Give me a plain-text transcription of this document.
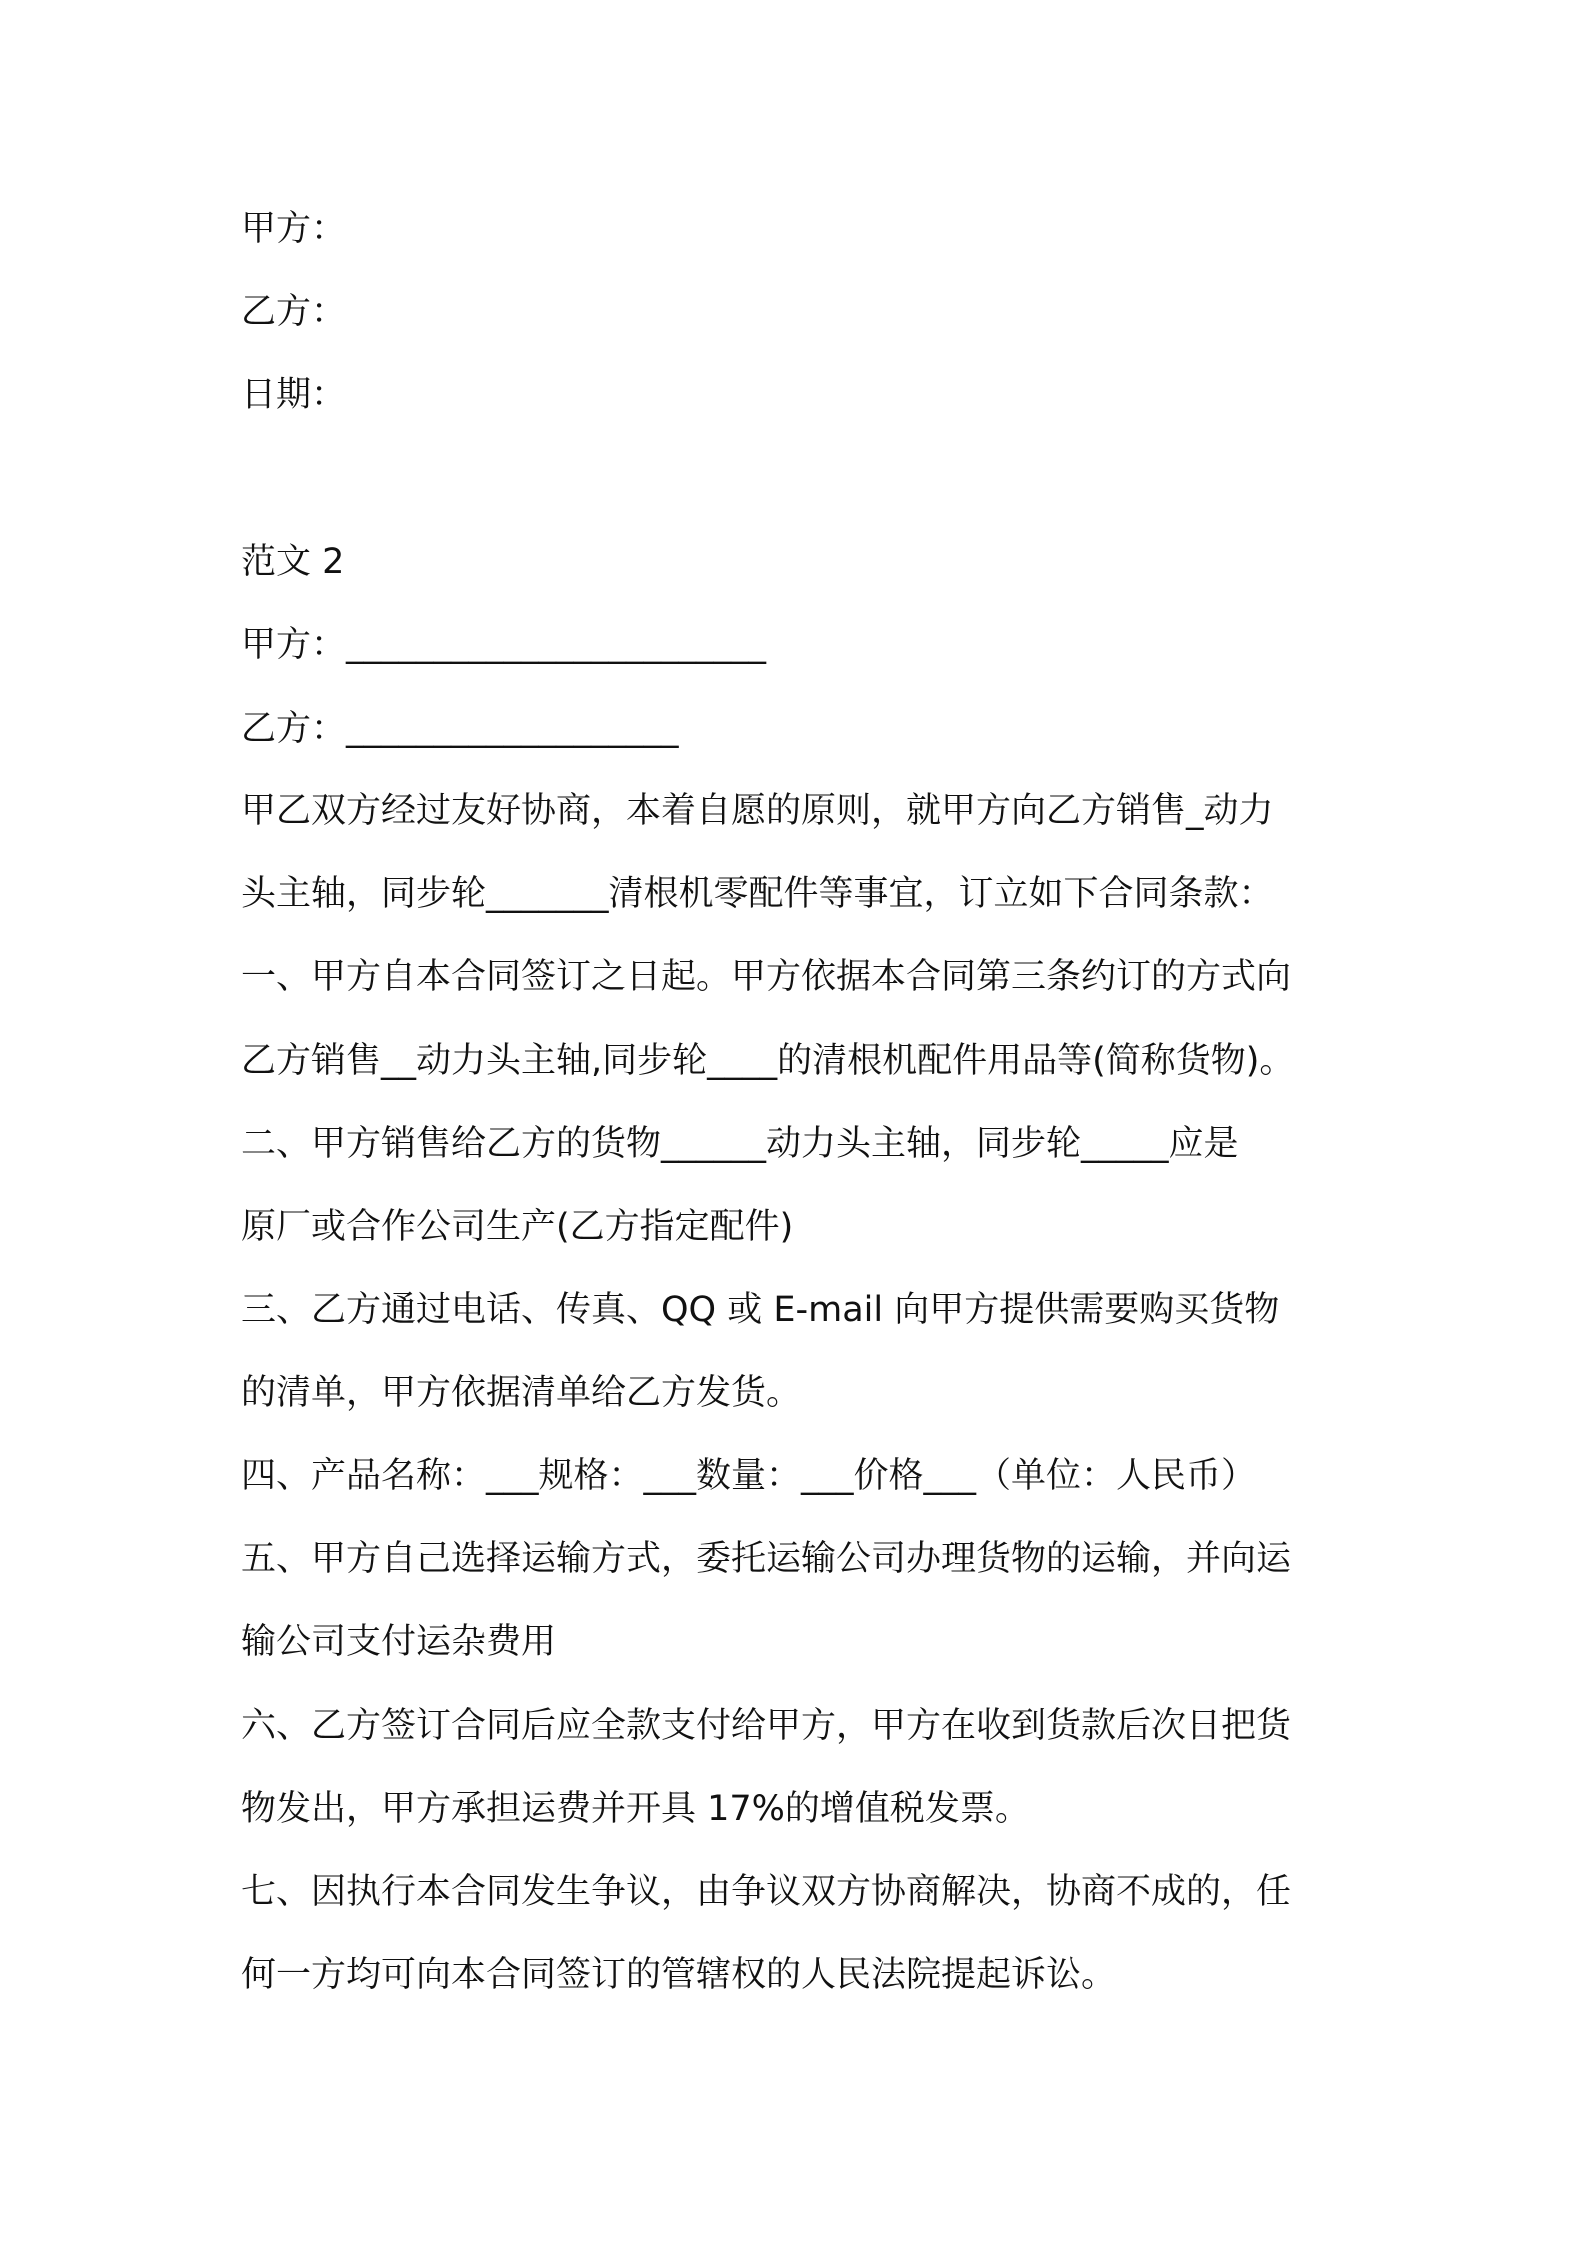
甲方：
乙方：
日期：
范文 2
甲方：________________________
乙方：___________________
甲乙双方经过友好协商，本着自愿的原则，就甲方向乙方销售_动力
头主轴，同步轮_______清根机零配件等事宜，订立如下合同条款：
一、甲方自本合同签订之日起。甲方依据本合同第三条约订的方式向
乙方销售__动力头主轴,同步轮____的清根机配件用品等(简称货物)。
二、甲方销售给乙方的货物______动力头主轴，同步轮_____应是
原厂或合作公司生产(乙方指定配件)
三、乙方通过电话、传真、QQ 或 E-mail 向甲方提供需要购买货物
的清单，甲方依据清单给乙方发货。
四、产品名称：___规格：___数量：___价格___（单位：人民币）
五、甲方自己选择运输方式，委托运输公司办理货物的运输，并向运
输公司支付运杂费用
六、乙方签订合同后应全款支付给甲方，甲方在收到货款后次日把货
物发出，甲方承担运费并开具 17%的增值税发票。
七、因执行本合同发生争议，由争议双方协商解决，协商不成的，任
何一方均可向本合同签订的管辖权的人民法院提起诉讼。
